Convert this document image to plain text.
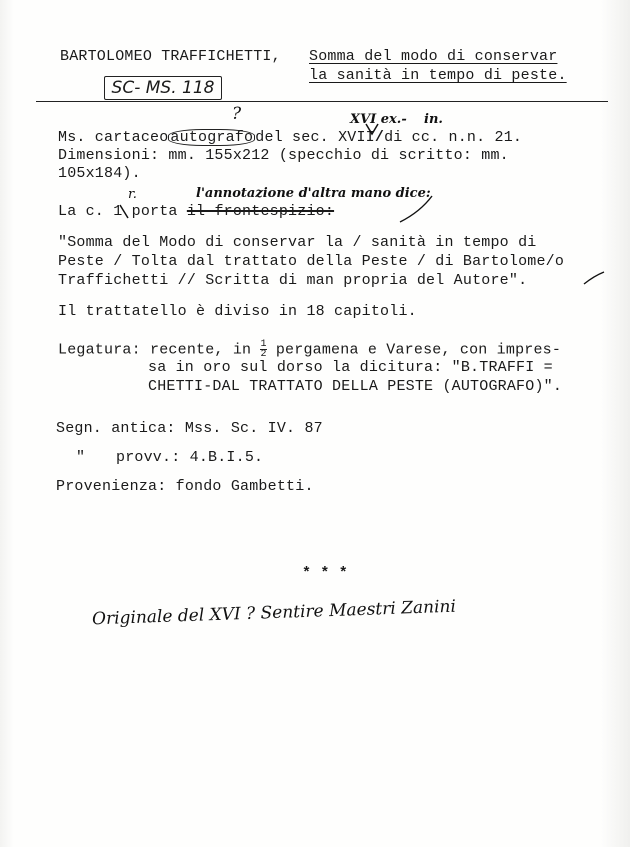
BARTOLOMEO TRAFFICHETTI, Somma del modo di conservar
la sanità in tempo di peste.
SC- MS. 118
?	XVI ex.- in.
Ms. cartaceo autografo del sec. XVII/di cc. n.n. 21.
Dimensioni: mm. 155x212 (specchio di scritto: mm.
105x184).
r.	l'annotazione d'altra mano dice:
La c. 1 porta il frontespizio:
"Somma del Modo di conservar la / sanità in tempo di
Peste / Tolta dal trattato della Peste / di Bartolome/o
Traffichetti // Scritta di man propria del Autore".
Il trattatello è diviso in 18 capitoli.
Legatura: recente, in $\frac{1}{2}$ pergamena e Varese, con impres-
sa in oro sul dorso la dicitura: "B.TRAFFI =
CHETTI-DAL TRATTATO DELLA PESTE (AUTOGRAFO)".
Segn. antica: Mss. Sc. IV. 87
" provv.: 4.B.I.5.
Provenienza: fondo Gambetti.
* * *
Originale del XVI ? Sentire Maestri Zanini
